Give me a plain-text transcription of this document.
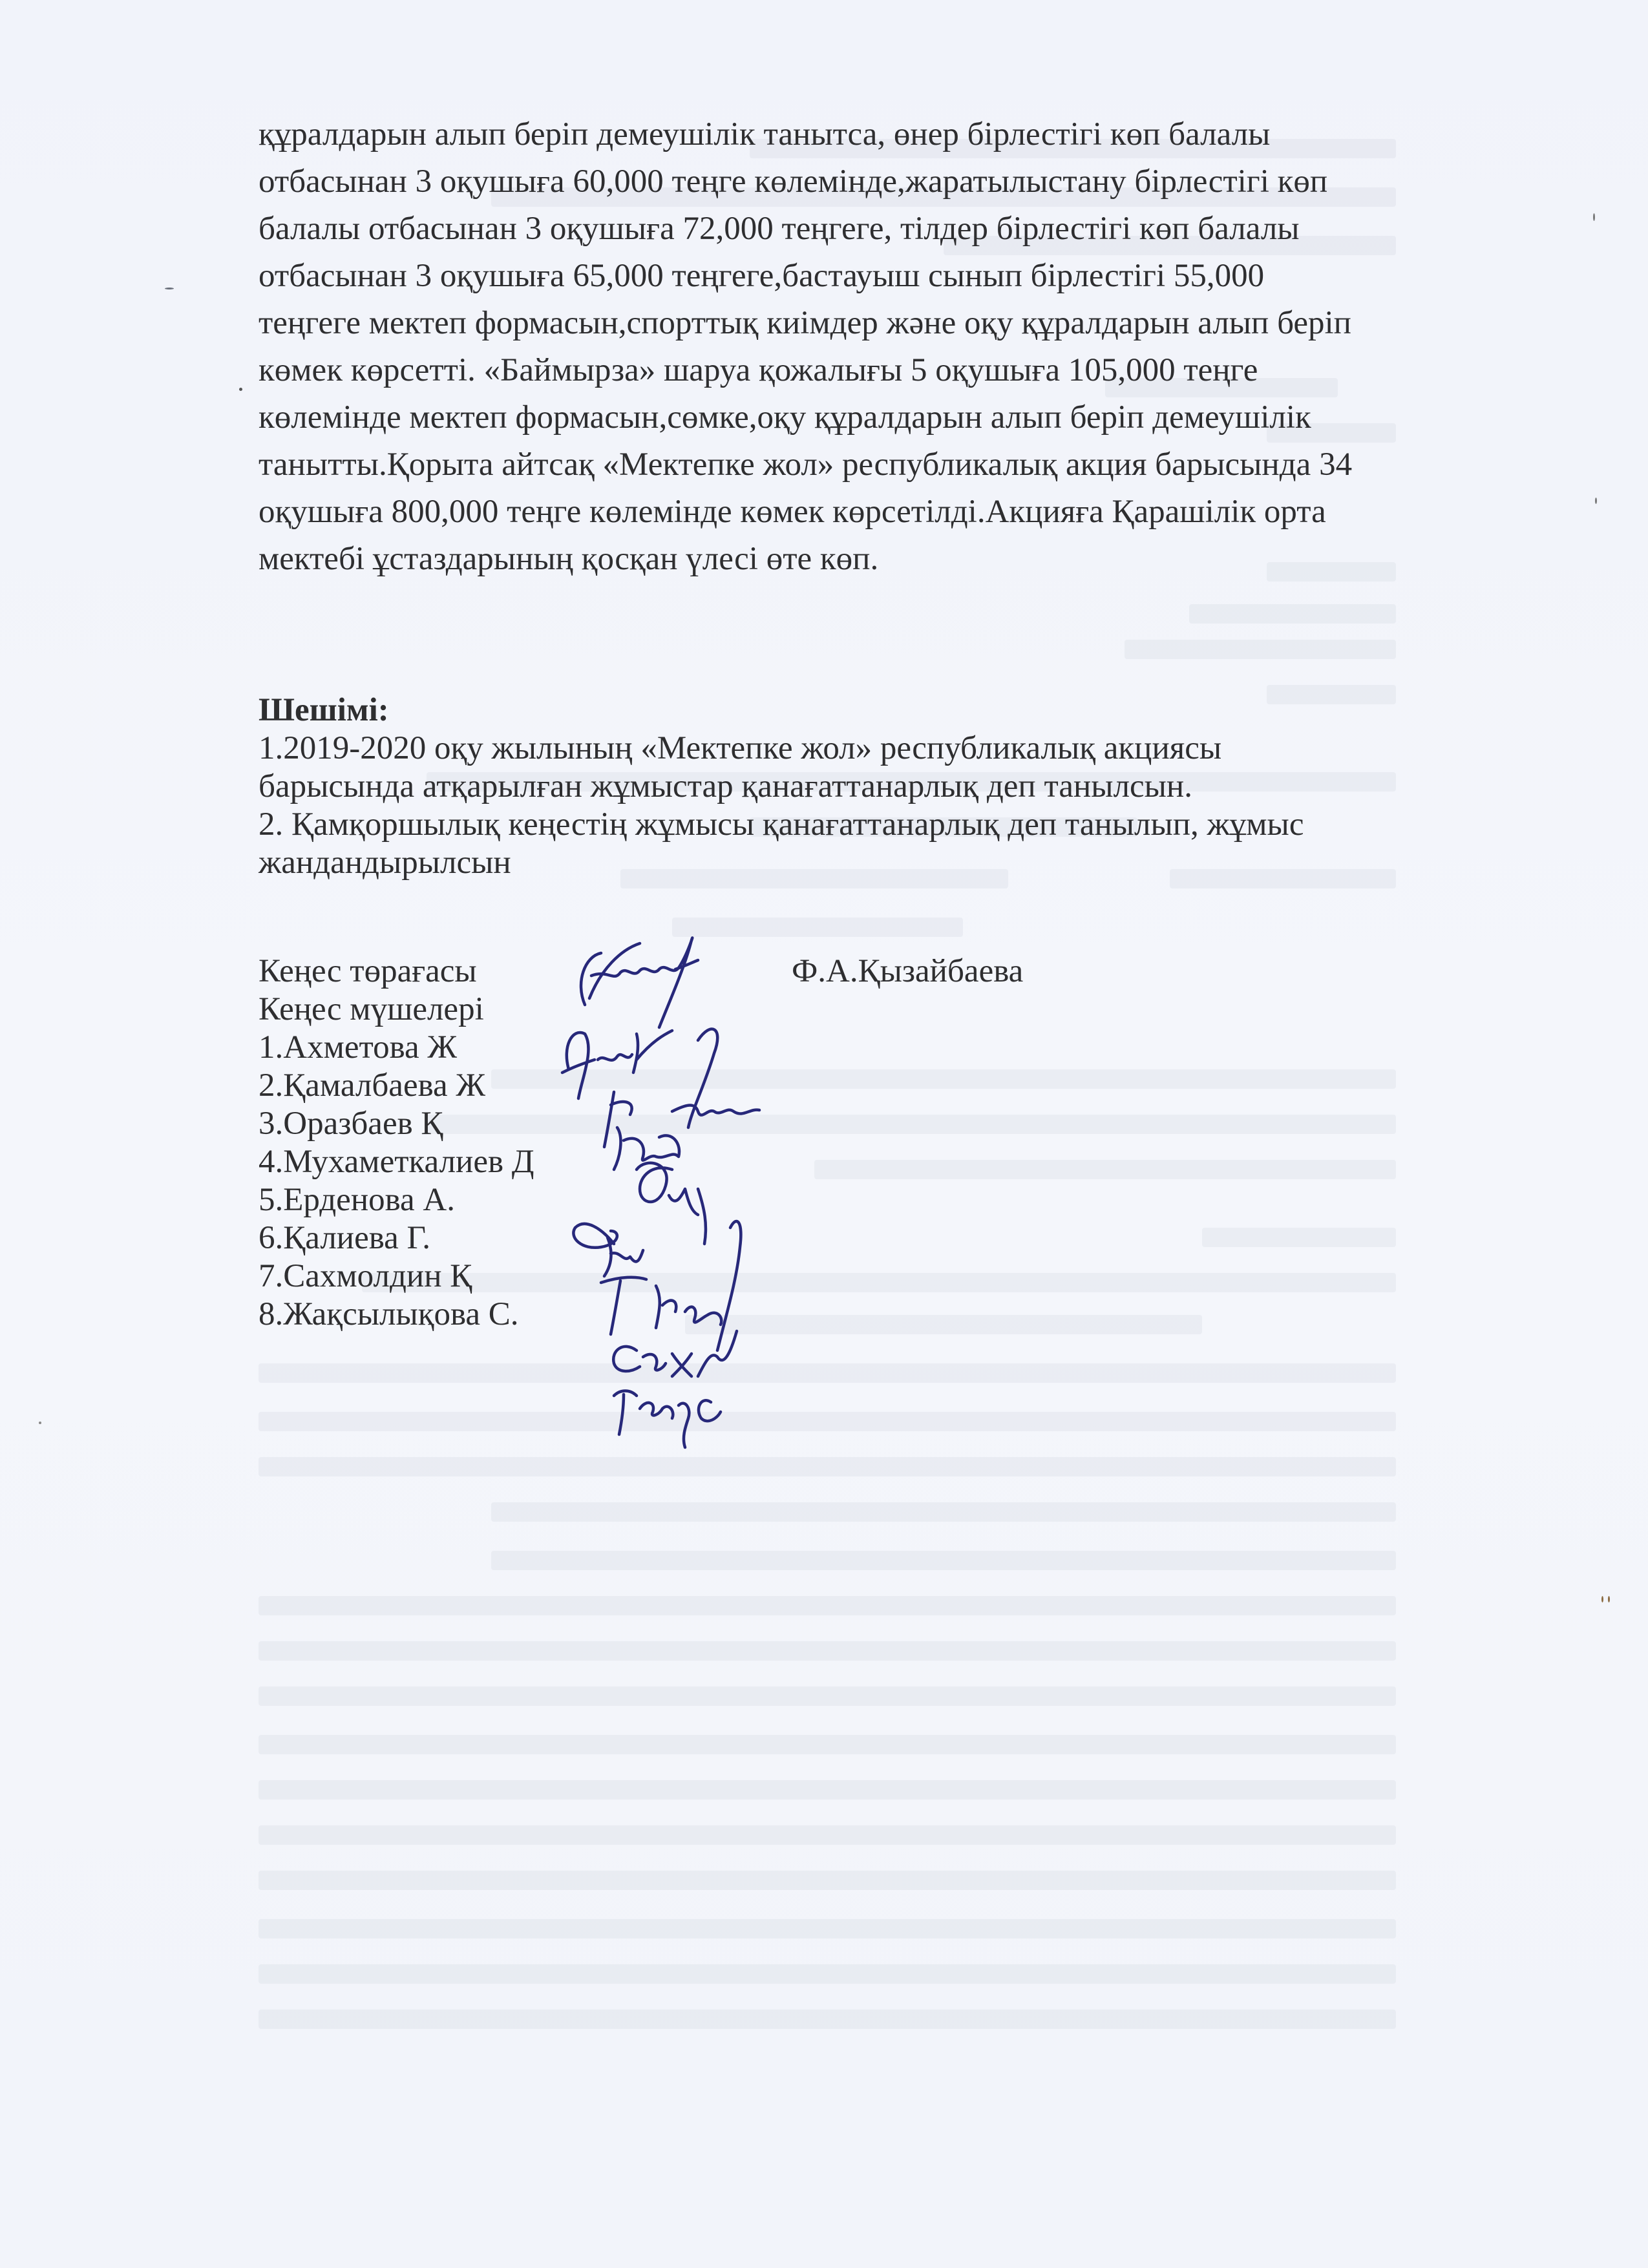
құралдарын алып беріп демеушілік танытса, өнер бірлестігі көп балалы
отбасынан 3 оқушыға 60,000 теңге көлемінде,жаратылыстану бірлестігі көп
балалы отбасынан 3 оқушыға 72,000 теңгеге, тілдер бірлестігі көп балалы
отбасынан 3 оқушыға 65,000 теңгеге,бастауыш сынып бірлестігі 55,000
теңгеге мектеп формасын,спорттық киімдер және оқу құралдарын алып беріп
көмек көрсетті. «Баймырза» шаруа қожалығы 5 оқушыға 105,000 теңге
көлемінде мектеп формасын,сөмке,оқу құралдарын алып беріп демеушілік
танытты.Қорыта айтсақ «Мектепке жол» республикалық акция барысында 34
оқушыға 800,000 теңге көлемінде көмек көрсетілді.Акцияға Қарашілік орта
мектебі ұстаздарының қосқан үлесі өте көп.
Шешімі:
1.2019-2020 оқу жылының «Мектепке жол» республикалық акциясы
барысында атқарылған жұмыстар қанағаттанарлық деп танылсын.
2. Қамқоршылық кеңестің жұмысы қанағаттанарлық деп танылып, жұмыс
жандандырылсын
Кеңес төрағасы
Кеңес мүшелері
1.Ахметова Ж
2.Қамалбаева Ж
3.Оразбаев Қ
4.Мухаметкалиев Д
5.Ерденова А.
6.Қалиева Г.
7.Сахмолдин Қ
8.Жақсылықова С.
Ф.А.Қызайбаева
